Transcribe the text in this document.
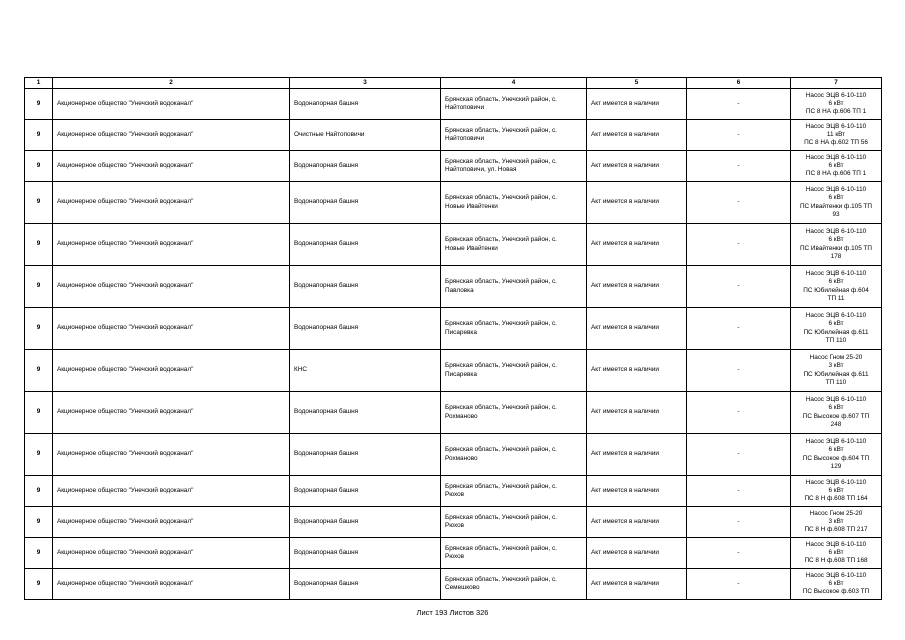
1	2	3	4	5	6	7
9	Акционерное общество "Унечский водоканал"	Водонапорная башня	Брянская область, Унечский район, с.
Найтоповичи	Акт имеется в наличии	-	Насос ЭЦВ 6-10-110
6 кВт
ПС 8 НА ф.606 ТП 1

9	Акционерное общество "Унечский водоканал"	Очистные Найтоповичи	Брянская область, Унечский район, с.
Найтоповичи	Акт имеется в наличии	-	Насос ЭЦВ 6-10-110
11 кВт
ПС 8 НА ф.602 ТП 56

9	Акционерное общество "Унечский водоканал"	Водонапорная башня	Брянская область, Унечский район, с.
Найтоповичи, ул. Новая	Акт имеется в наличии	-	Насос ЭЦВ 6-10-110
6 кВт
ПС 8 НА ф.606 ТП 1

9	Акционерное общество "Унечский водоканал"	Водонапорная башня	Брянская область, Унечский район, с.
Новые Ивайтенки	Акт имеется в наличии	-	Насос ЭЦВ 6-10-110
6 кВт
ПС Ивайтенки ф.105 ТП
93

9	Акционерное общество "Унечский водоканал"	Водонапорная башня	Брянская область, Унечский район, с.
Новые Ивайтенки	Акт имеется в наличии	-	Насос ЭЦВ 6-10-110
6 кВт
ПС Ивайтенки ф.105 ТП
178

9	Акционерное общество "Унечский водоканал"	Водонапорная башня	Брянская область, Унечский район, с.
Павловка	Акт имеется в наличии	-	Насос ЭЦВ 6-10-110
6 кВт
ПС Юбилейная ф.604
ТП 11

9	Акционерное общество "Унечский водоканал"	Водонапорная башня	Брянская область, Унечский район, с.
Писаревка	Акт имеется в наличии	-	Насос ЭЦВ 6-10-110
6 кВт
ПС Юбилейная ф.611
ТП 110

9	Акционерное общество "Унечский водоканал"	КНС	Брянская область, Унечский район, с.
Писаревка	Акт имеется в наличии	-	Насос Гном 25-20
3 кВт
ПС Юбилейная ф.611
ТП 110

9	Акционерное общество "Унечский водоканал"	Водонапорная башня	Брянская область, Унечский район, с.
Рохманово	Акт имеется в наличии	-	Насос ЭЦВ 6-10-110
6 кВт
ПС Высокое ф.607 ТП
248

9	Акционерное общество "Унечский водоканал"	Водонапорная башня	Брянская область, Унечский район, с.
Рохманово	Акт имеется в наличии	-	Насос ЭЦВ 6-10-110
6 кВт
ПС Высокое ф.604 ТП
129

9	Акционерное общество "Унечский водоканал"	Водонапорная башня	Брянская область, Унечский район, с.
Рюхов	Акт имеется в наличии	-	Насос ЭЦВ 6-10-110
6 кВт
ПС 8 Н ф.608 ТП 164

9	Акционерное общество "Унечский водоканал"	Водонапорная башня	Брянская область, Унечский район, с.
Рюхов	Акт имеется в наличии	-	Насос Гном 25-20
3 кВт
ПС 8 Н ф.608 ТП 217

9	Акционерное общество "Унечский водоканал"	Водонапорная башня	Брянская область, Унечский район, с.
Рюхов	Акт имеется в наличии	-	Насос ЭЦВ 6-10-110
6 кВт
ПС 8 Н ф.608 ТП 168

9	Акционерное общество "Унечский водоканал"	Водонапорная башня	Брянская область, Унечский район, с.
Семешково	Акт имеется в наличии	-	Насос ЭЦВ 6-10-110
6 кВт
ПС Высокое ф.603 ТП
Лист 193 Листов 326
